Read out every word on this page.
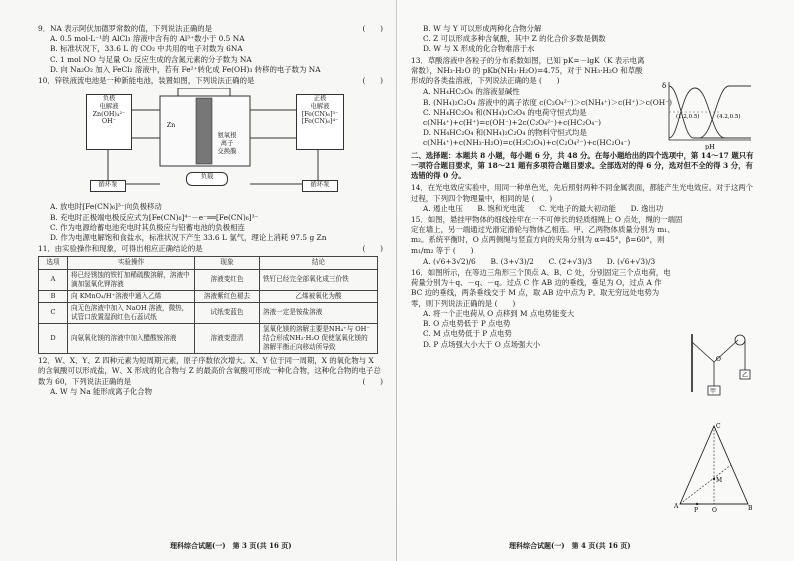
9．NA 表示阿伏加德罗常数的值，下列说法正确的是	(　　)
A. 0.5 mol·L⁻¹的 AlCl₃ 溶液中含有的 Al³⁺数小于 0.5 NA
B. 标准状况下，33.6 L 的 CO₂ 中共用的电子对数为 6NA
C. 1 mol NO 与足量 O₂ 反应生成的含氮元素的分子数为 NA
D. 向 Na₂O₂ 加入 FeCl₂ 溶液中，若有 Fe²⁺转化成 Fe(OH)₃ 转移的电子数为 NA
10．锌铁液流电池是一种新能电池，装置如图，下列说法正确的是	(　　)
负极
电解液
Zn(OH)₄²⁻
OH⁻
正极
电解液
[Fe(CN)₆]³⁻
[Fe(CN)₆]⁴⁻
氨氧根
离子
交换膜
Zn
循环泵	循环泵
负载
A. 放电时[Fe(CN)₆]³⁻向负极移动
B. 充电时正极端电极反应式为[Fe(CN)₆]⁴⁻－e⁻══[Fe(CN)₆]³⁻
C. 作为电源给蓄电池充电时其负极应与铅蓄电池的负极相连
D. 作为电源电解饱和食盐水，标准状况下产生 33.6 L 氯气，理论上消耗 97.5 g Zn
11．由实验操作和现象，可得出相应正确结论的是	(　　)
选项	实验操作	现象	结论
A	将已经锈蚀的铁钉加稀硫酸溶解，溶液中滴加氢氧化钾溶液	溶液变红色	铁钉已经完全部氧化成三价铁
B	向 KMnO₄/H⁺溶液中通入乙烯	溶液紫红色褪去	乙烯被氧化为酸
C	向无色溶液中加入 NaOH 溶液，微热，试管口放置湿润红色石蕊试纸	试纸变蓝色	溶液一定是铵盐溶液
D	向氨氧化镁的溶液中加入醋酸铵溶液	溶液变澄清	氢氧化镁的溶解主要是NH₄⁺与 OH⁻ 结合形成NH₃·H₂O 促使氢氧化镁的溶解平衡正向移动所导致
12．W、X、Y、Z 四种元素为短周期元素，原子序数依次增大。X、Y 位于同一周期，X 的氧化物与 X 的含氧酸可以形成盐，W、X 形成的化合物与 Z 的最高价含氧酸可形成一种化合物，这种化合物的电子总数为 60，下列说法正确的是	(　　)
A. W 与 Na 能形成离子化合物
理科综合试题(一)　第 3 页(共 16 页)
B. W 与 Y 可以形成两种化合物分解
C. Z 可以形成多种含氧酸，其中 Z 的化合价多数是偶数
D. W 与 X 形成的化合物难溶于水
13．草酸溶液中各粒子的分布系数如图，已知 pK=－lgK（K 表示电离常数），NH₃·H₂O 的 pKb(NH₃·H₂O)=4.75，对于 NH₃·H₂O 和草酸形成的各类盐溶液，下列说法正确的是 (　　)
A. NH₄HC₂O₄ 的溶液显碱性
B. (NH₄)₂C₂O₄ 溶液中的离子浓度 c(C₂O₄²⁻)＞c(NH₄⁺)＞c(H⁺)＞c(OH⁻)
C. NH₄HC₂O₄ 和(NH₄)₂C₂O₄ 的电荷守恒式均是 c(NH₄⁺)+c(H⁺)=c(OH⁻)+2c(C₂O₄²⁻)+c(HC₂O₄⁻)
D. NH₄HC₂O₄ 和(NH₄)₂C₂O₄ 的物料守恒式均是 c(NH₄⁺)+c(NH₃·H₂O)=c(H₂C₂O₄)+c(C₂O₄²⁻)+c(HC₂O₄⁻)
二、选择题：本题共 8 小题，每小题 6 分，共 48 分。在每小题给出的四个选项中，第 14～17 题只有一项符合题目要求，第 18～21 题有多项符合题目要求。全部选对的得 6 分，选对但不全的得 3 分，有选错的得 0 分。
14．在光电效应实验中，用同一种单色光，先后照射两种不同金属表面，都能产生光电效应。对于这两个过程，下列四个物理量中，相同的是 (　　)
A. 遏止电压　　B. 饱和光电流　　C. 光电子的最大初动能　　D. 逸出功
15．如图，悬挂甲物体的细线拴牢在一不可伸长的轻质细绳上 O 点处，绳的一端固定在墙上，另一端通过光滑定滑轮与物体乙相连。甲、乙两物体质量分别为 m₁、m₂。系统平衡时，O 点两侧绳与竖直方向的夹角分别为 α=45°，β=60°，则 m₁/m₂ 等于 (　　)
A. (√6+3√2)/6　　B. (3+√3)/2　　C. (2+√3)/3　　D. (√6+√3)/3
16．如图所示，在等边三角形三个顶点 A、B、C 处，分别固定三个点电荷，电荷量分别为＋q、－q、－q。过点 C 作 AB 边的垂线，垂足为 O，过点 A 作 BC 边的垂线，两条垂线交于 M 点，取 AB 边中点为 P。取无穷远处电势为零，则下列说法正确的是 (　　)
A. 将一个正电荷从 O 点移到 M 点电势能变大
B. O 点电势低于 P 点电势
C. M 点电势低于 P 点电势
D. P 点场强大小大于 O 点场强大小
δ
pH
(1.2,0.5)	(4.2,0.5)
O
甲
乙
C
A	B
M
O
P
理科综合试题(一)　第 4 页(共 16 页)
